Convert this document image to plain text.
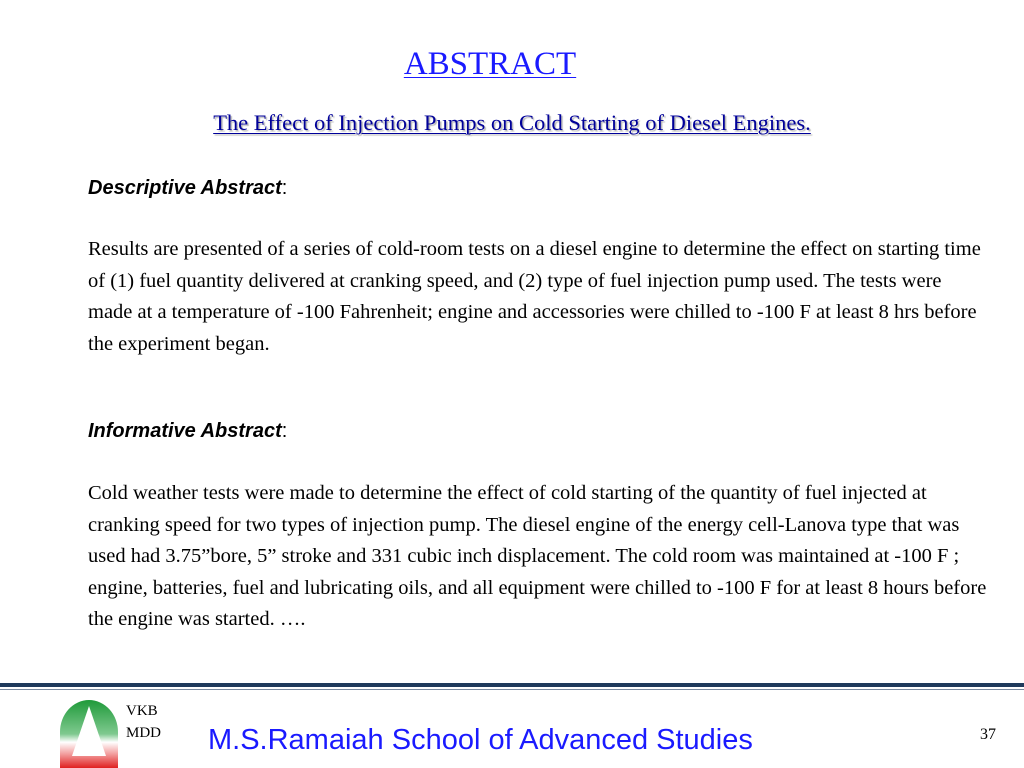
ABSTRACT
The Effect of Injection Pumps on Cold Starting of Diesel Engines.

Descriptive Abstract:

Results are presented of a series of cold-room tests on a diesel engine to determine the effect on starting time of (1) fuel quantity delivered at cranking speed, and (2) type of fuel injection pump used. The tests were made at a temperature of -100 Fahrenheit; engine and accessories were chilled to -100 F at least 8 hrs before the experiment began.

Informative Abstract:

Cold weather tests were made to determine the effect of cold starting of the quantity of fuel injected at cranking speed for two types of injection pump. The diesel engine of the energy cell-Lanova type that was used had 3.75”bore, 5” stroke and 331 cubic inch displacement. The cold room was maintained at -100 F ; engine, batteries, fuel and lubricating oils, and all equipment were chilled to -100 F for at least 8 hours before the engine was started. ….

VKB
MDD M.S.Ramaiah School of Advanced Studies	37
